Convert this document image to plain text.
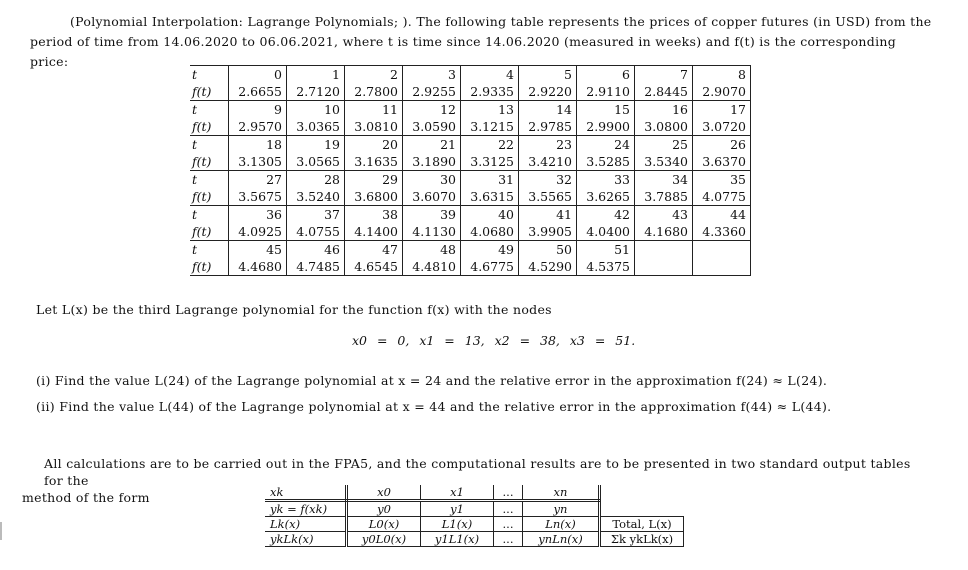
(Polynomial Interpolation: Lagrange Polynomials; ). The following table represents the prices of copper futures (in USD) from the

period of time from 14.06.2020 to 06.06.2021, where t is time since 14.06.2020 (measured in weeks) and f(t) is the corresponding price:

t	0	1	2	3	4	5	6	7	8
f(t)	2.6655	2.7120	2.7800	2.9255	2.9335	2.9220	2.9110	2.8445	2.9070
t	9	10	11	12	13	14	15	16	17
f(t)	2.9570	3.0365	3.0810	3.0590	3.1215	2.9785	2.9900	3.0800	3.0720
t	18	19	20	21	22	23	24	25	26
f(t)	3.1305	3.0565	3.1635	3.1890	3.3125	3.4210	3.5285	3.5340	3.6370
t	27	28	29	30	31	32	33	34	35
f(t)	3.5675	3.5240	3.6800	3.6070	3.6315	3.5565	3.6265	3.7885	4.0775
t	36	37	38	39	40	41	42	43	44
f(t)	4.0925	4.0755	4.1400	4.1130	4.0680	3.9905	4.0400	4.1680	4.3360
t	45	46	47	48	49	50	51		
f(t)	4.4680	4.7485	4.6545	4.4810	4.6775	4.5290	4.5375		

Let L(x) be the third Lagrange polynomial for the function f(x) with the nodes

x0 = 0, x1 = 13, x2 = 38, x3 = 51.

(i) Find the value L(24) of the Lagrange polynomial at x = 24 and the relative error in the approximation f(24) ≈ L(24).

(ii) Find the value L(44) of the Lagrange polynomial at x = 44 and the relative error in the approximation f(44) ≈ L(44).

All calculations are to be carried out in the FPA5, and the computational results are to be presented in two standard output tables for the

method of the form	xk	x0	x1	...	xn	
yk = f(xk)	y0	y1	...	yn	
Lk(x)	L0(x)	L1(x)	...	Ln(x)	Total, L(x)
ykLk(x)	y0L0(x)	y1L1(x)	...	ynLn(x)	Σk ykLk(x)
